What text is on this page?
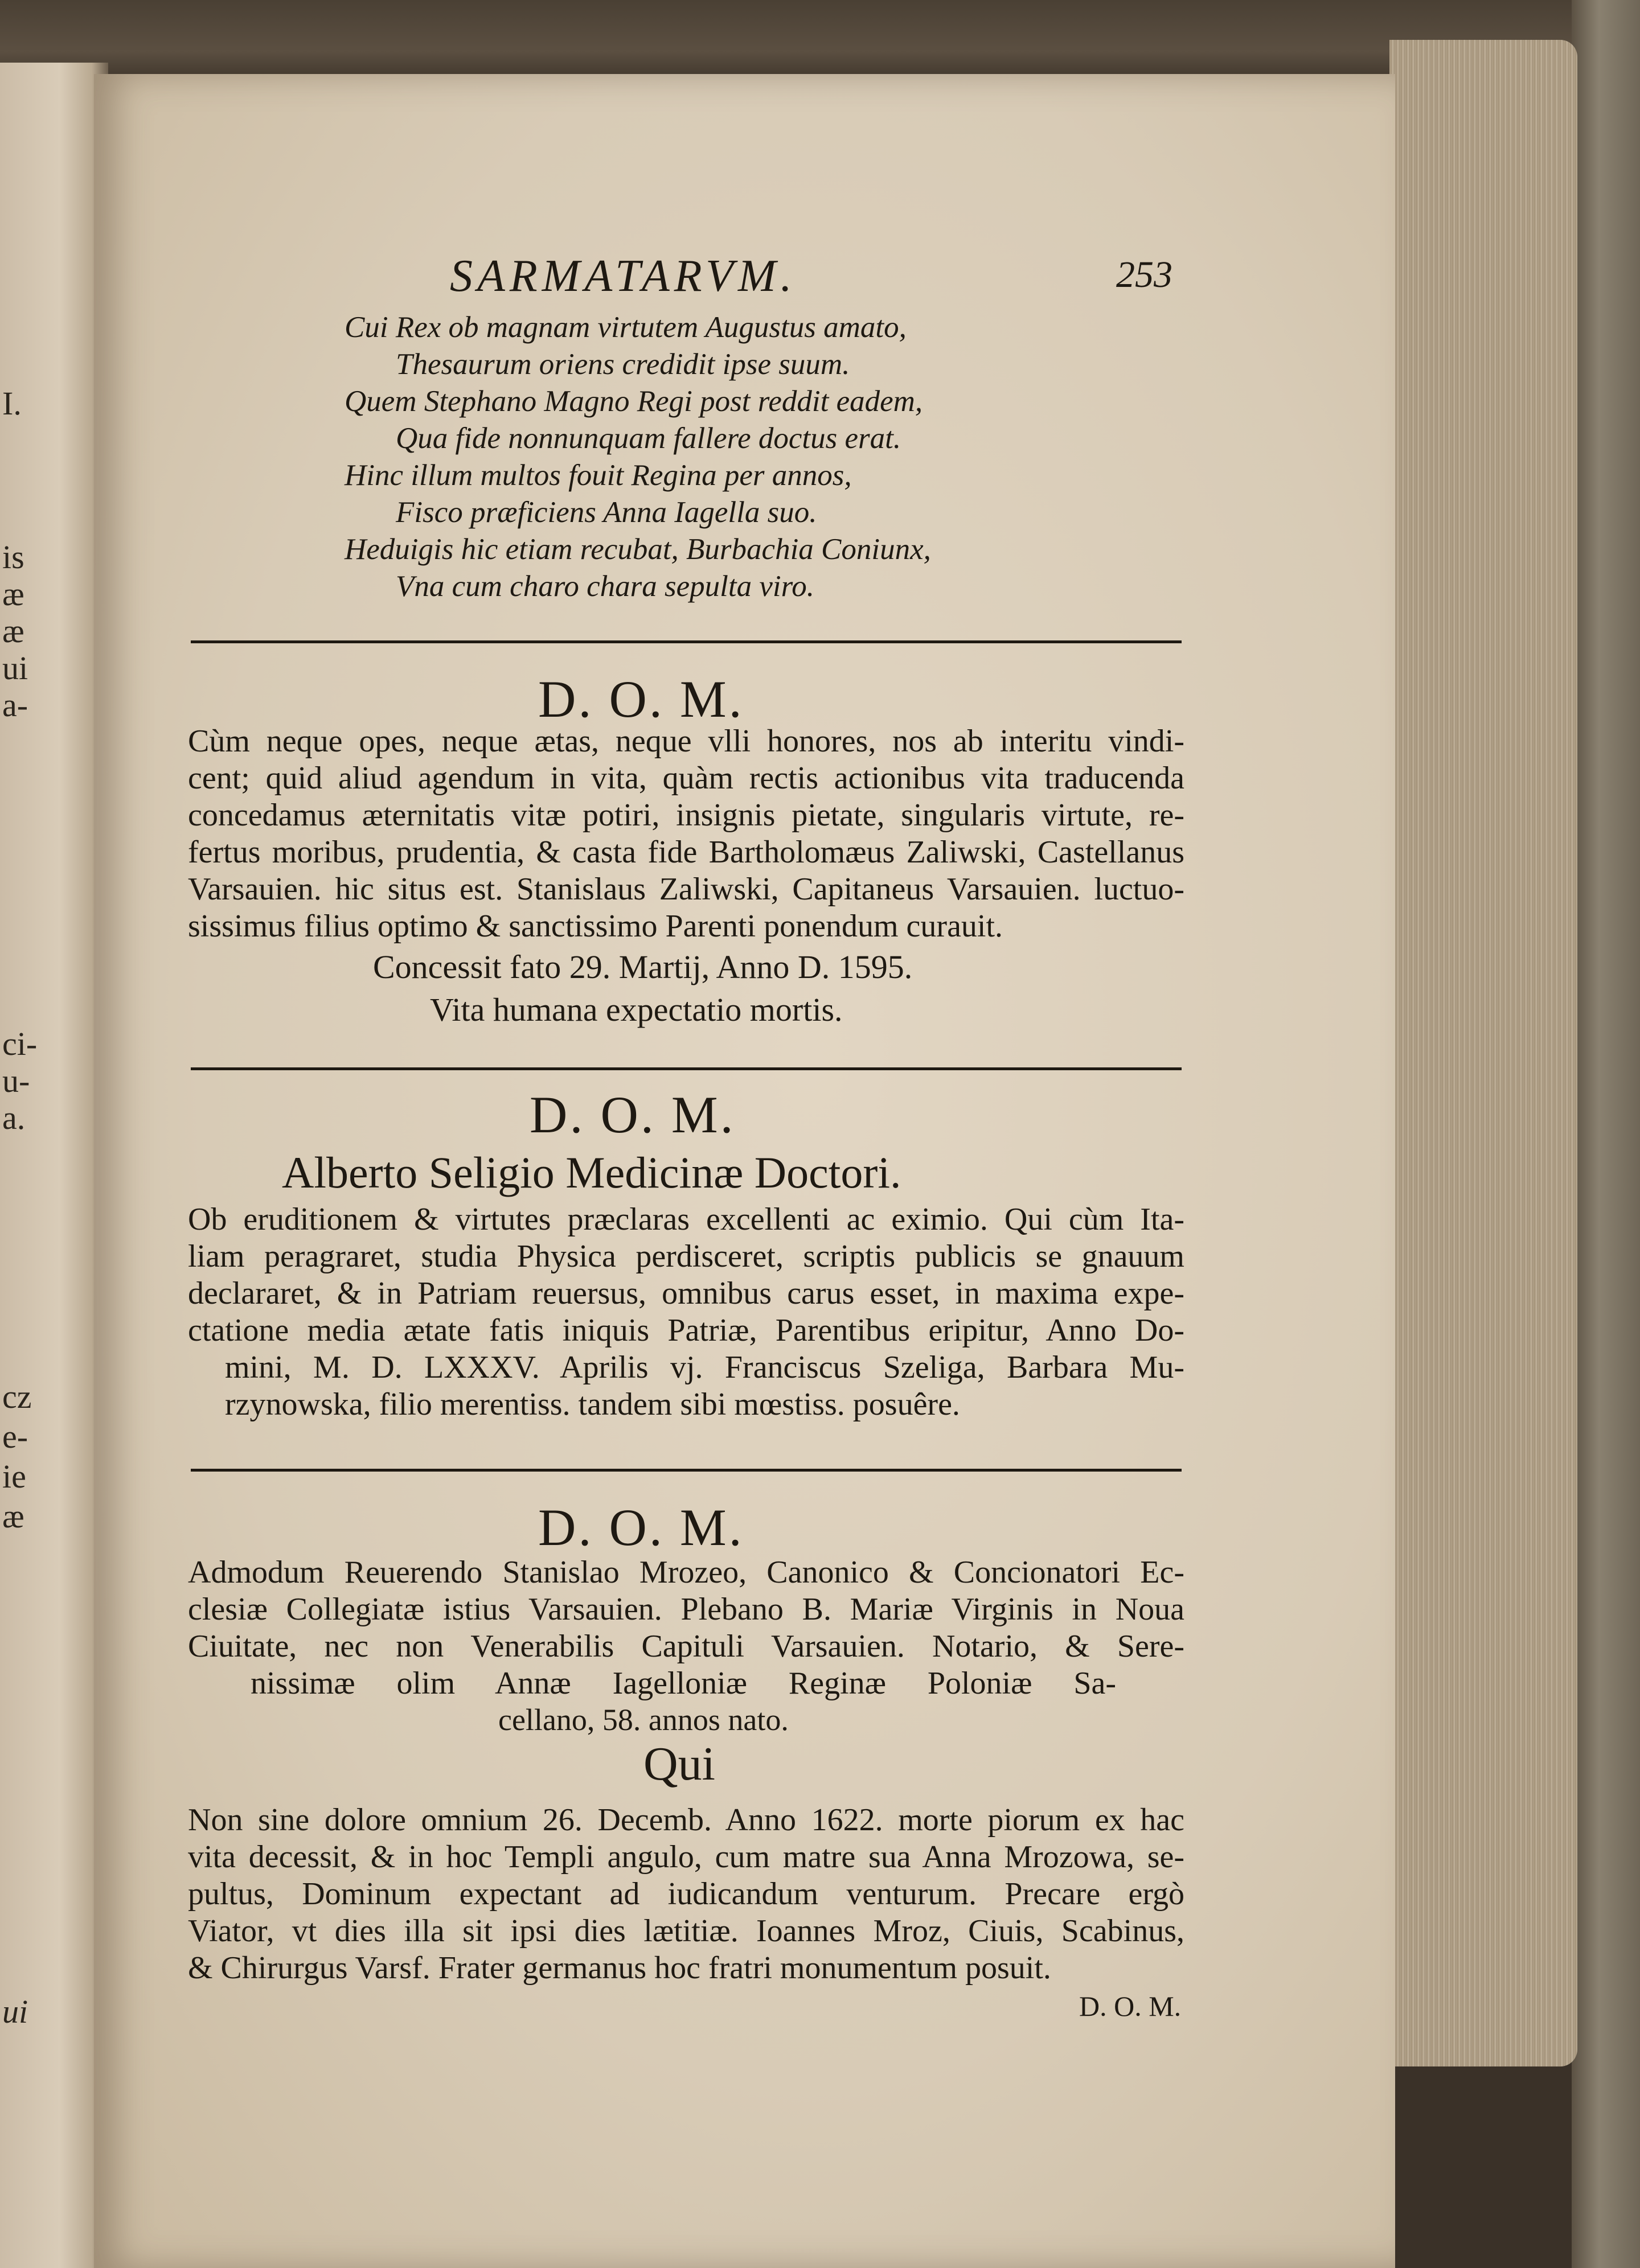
I.
is
æ
æ
ui
a-
ci-
u-
a.
cz
e-
ie
æ
ui
SARMATARVM.	253
Cui Rex ob magnam virtutem Augustus amato,
Thesaurum oriens credidit ipse suum.
Quem Stephano Magno Regi post reddit eadem,
Qua fide nonnunquam fallere doctus erat.
Hinc illum multos fouit Regina per annos,
Fisco præficiens Anna Iagella suo.
Heduigis hic etiam recubat, Burbachia Coniunx,
Vna cum charo chara sepulta viro.
D. O. M.
Cùm neque opes, neque ætas, neque vlli honores, nos ab interitu vindi-
cent; quid aliud agendum in vita, quàm rectis actionibus vita traducenda
concedamus æternitatis vitæ potiri, insignis pietate, singularis virtute, re-
fertus moribus, prudentia, & casta fide Bartholomæus Zaliwski, Castellanus
Varsauien. hic situs est. Stanislaus Zaliwski, Capitaneus Varsauien. luctuo-
sissimus filius optimo & sanctissimo Parenti ponendum curauit.
Concessit fato 29. Martij, Anno D. 1595.
Vita humana expectatio mortis.
D. O. M.
Alberto Seligio Medicinæ Doctori.
Ob eruditionem & virtutes præclaras excellenti ac eximio. Qui cùm Ita-
liam peragraret, studia Physica perdisceret, scriptis publicis se gnauum
declararet, & in Patriam reuersus, omnibus carus esset, in maxima expe-
ctatione media ætate fatis iniquis Patriæ, Parentibus eripitur, Anno Do-
mini, M. D. LXXXV. Aprilis vj. Franciscus Szeliga, Barbara Mu-
rzynowska, filio merentiss. tandem sibi mœstiss. posuêre.
D. O. M.
Admodum Reuerendo Stanislao Mrozeo, Canonico & Concionatori Ec-
clesiæ Collegiatæ istius Varsauien. Plebano B. Mariæ Virginis in Noua
Ciuitate, nec non Venerabilis Capituli Varsauien. Notario, & Sere-
nissimæ olim Annæ Iagelloniæ Reginæ Poloniæ Sa-
cellano, 58. annos nato.
Qui
Non sine dolore omnium 26. Decemb. Anno 1622. morte piorum ex hac
vita decessit, & in hoc Templi angulo, cum matre sua Anna Mrozowa, se-
pultus, Dominum expectant ad iudicandum venturum. Precare ergò
Viator, vt dies illa sit ipsi dies lætitiæ. Ioannes Mroz, Ciuis, Scabinus,
& Chirurgus Varsf. Frater germanus hoc fratri monumentum posuit.
D. O. M.
